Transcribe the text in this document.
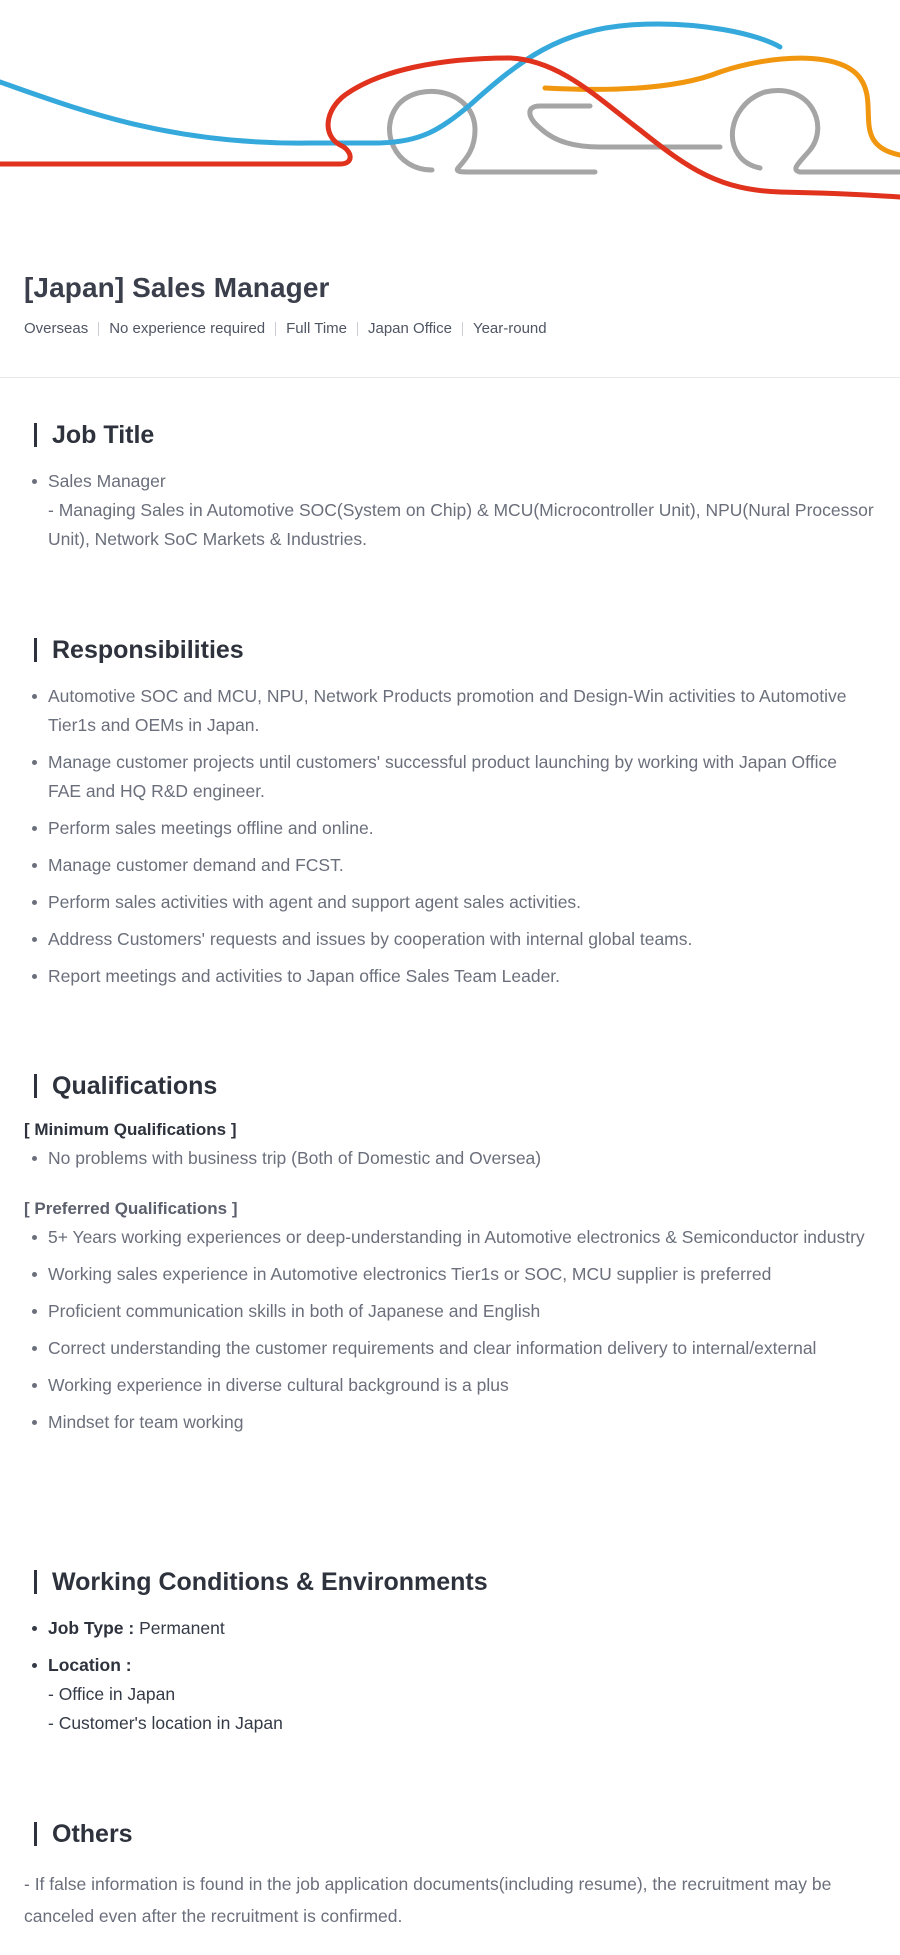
[Japan] Sales Manager
Overseas	No experience required	Full Time	Japan Office	Year-round
Job Title
Sales Manager
- Managing Sales in Automotive SOC(System on Chip) & MCU(Microcontroller Unit), NPU(Nural Processor Unit), Network SoC Markets & Industries.
Responsibilities
Automotive SOC and MCU, NPU, Network Products promotion and Design-Win activities to Automotive Tier1s and OEMs in Japan.
Manage customer projects until customers' successful product launching by working with Japan Office FAE and HQ R&D engineer.
Perform sales meetings offline and online.
Manage customer demand and FCST.
Perform sales activities with agent and support agent sales activities.
Address Customers' requests and issues by cooperation with internal global teams.
Report meetings and activities to Japan office Sales Team Leader.
Qualifications
[ Minimum Qualifications ]
No problems with business trip (Both of Domestic and Oversea)
[ Preferred Qualifications ]
5+ Years working experiences or deep-understanding in Automotive electronics & Semiconductor industry
Working sales experience in Automotive electronics Tier1s or SOC, MCU supplier is preferred
Proficient communication skills in both of Japanese and English
Correct understanding the customer requirements and clear information delivery to internal/external
Working experience in diverse cultural background is a plus
Mindset for team working
Working Conditions & Environments
Job Type : Permanent
Location :
- Office in Japan
- Customer's location in Japan
Others

- If false information is found in the job application documents(including resume), the recruitment may be canceled even after the recruitment is confirmed.
